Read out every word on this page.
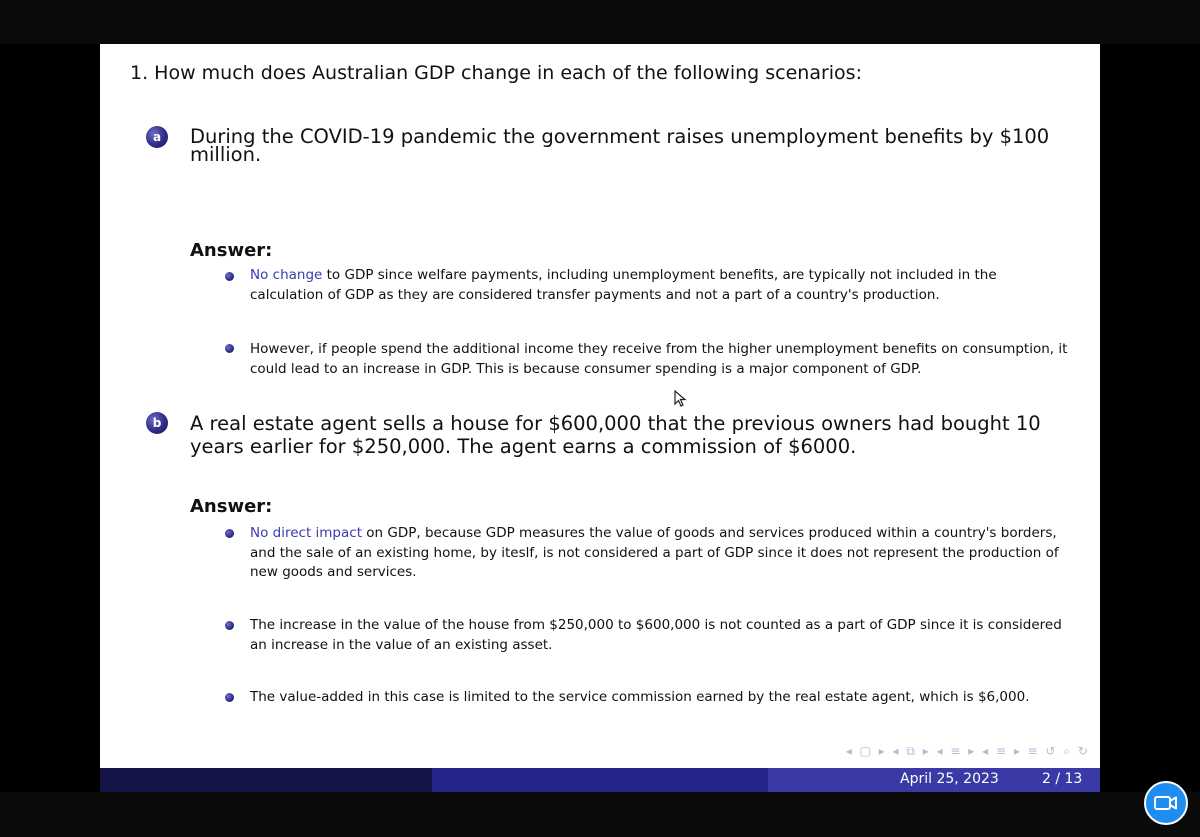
1. How much does Australian GDP change in each of the following scenarios:
a	During the COVID-19 pandemic the government raises unemployment benefits by $100 million.
Answer:
No change to GDP since welfare payments, including unemployment benefits, are typically not included in the calculation of GDP as they are considered transfer payments and not a part of a country's production.
However, if people spend the additional income they receive from the higher unemployment benefits on consumption, it could lead to an increase in GDP. This is because consumer spending is a major component of GDP.
b	A real estate agent sells a house for $600,000 that the previous owners had bought 10 years earlier for $250,000. The agent earns a commission of $6000.
Answer:
No direct impact on GDP, because GDP measures the value of goods and services produced within a country's borders, and the sale of an existing home, by iteslf, is not considered a part of GDP since it does not represent the production of new goods and services.
The increase in the value of the house from $250,000 to $600,000 is not counted as a part of GDP since it is considered an increase in the value of an existing asset.
The value-added in this case is limited to the service commission earned by the real estate agent, which is $6,000.
◂ ▢ ▸ ◂ ⧉ ▸ ◂ ≡ ▸ ◂ ≡ ▸ ≡ ↺ ⌕ ↻
April 25, 2023	2 / 13
